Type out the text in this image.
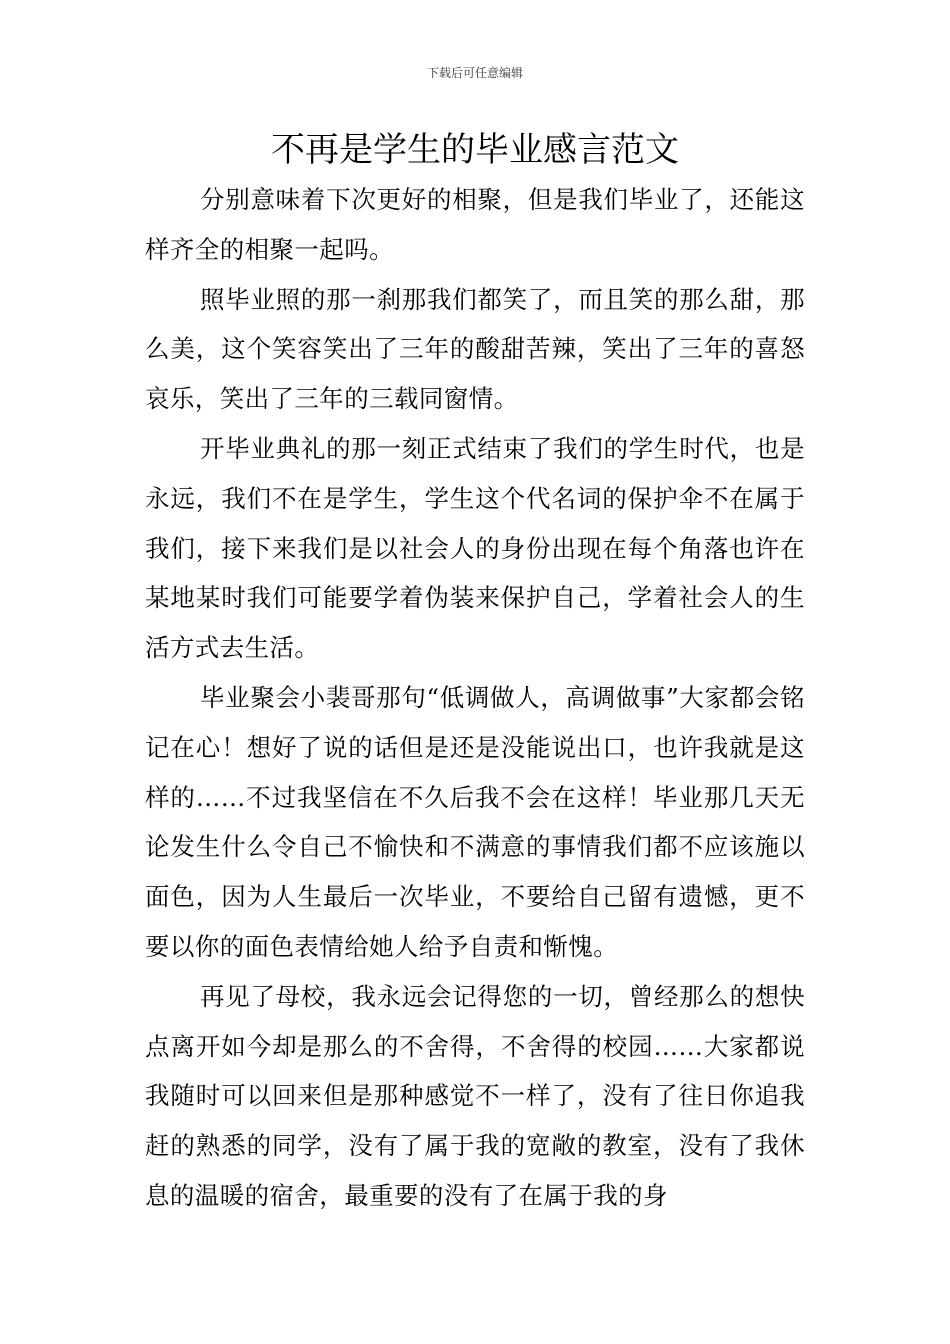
下载后可任意编辑
不再是学生的毕业感言范文

分别意味着下次更好的相聚，但是我们毕业了，还能这样齐全的相聚一起吗。

照毕业照的那一刹那我们都笑了，而且笑的那么甜，那么美，这个笑容笑出了三年的酸甜苦辣，笑出了三年的喜怒哀乐，笑出了三年的三载同窗情。

开毕业典礼的那一刻正式结束了我们的学生时代，也是永远，我们不在是学生，学生这个代名词的保护伞不在属于我们，接下来我们是以社会人的身份出现在每个角落也许在某地某时我们可能要学着伪装来保护自己，学着社会人的生活方式去生活。

毕业聚会小裴哥那句“低调做人，高调做事”大家都会铭记在心！想好了说的话但是还是没能说出口，也许我就是这样的……不过我坚信在不久后我不会在这样！毕业那几天无论发生什么令自己不愉快和不满意的事情我们都不应该施以面色，因为人生最后一次毕业，不要给自己留有遗憾，更不要以你的面色表情给她人给予自责和惭愧。

再见了母校，我永远会记得您的一切，曾经那么的想快点离开如今却是那么的不舍得，不舍得的校园……大家都说我随时可以回来但是那种感觉不一样了，没有了往日你追我赶的熟悉的同学，没有了属于我的宽敞的教室，没有了我休息的温暖的宿舍，最重要的没有了在属于我的身
